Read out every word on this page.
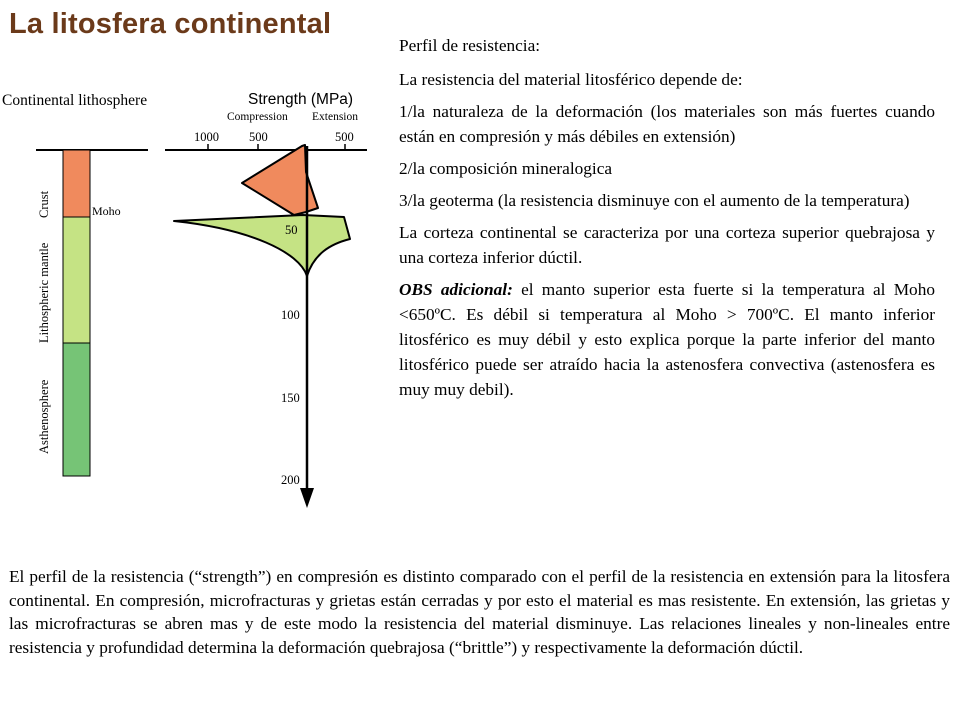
La litosfera continental
Continental lithosphere	Strength (MPa)
Compression Extension
1000 500	500
Crust
Lithospheric mantle
Asthenosphere
Moho
50
100
150
200

Perfil de resistencia:

La resistencia del material litosférico depende de:

1/la naturaleza de la deformación (los materiales son más fuertes cuando están en compresión y más débiles en extensión)

2/la composición mineralogica

3/la geoterma (la resistencia disminuye con el aumento de la temperatura)

La corteza continental se caracteriza por una corteza superior quebrajosa y una corteza inferior dúctil.

OBS adicional: el manto superior esta fuerte si la temperatura al Moho <650ºC. Es débil si temperatura al Moho > 700ºC. El manto inferior litosférico es muy débil y esto explica porque la parte inferior del manto litosférico puede ser atraído hacia la astenosfera convectiva (astenosfera es muy muy debil).

El perfil de la resistencia (“strength”) en compresión es distinto comparado con el perfil de la resistencia en extensión para la litosfera continental. En compresión, microfracturas y grietas están cerradas y por esto el material es mas resistente. En extensión, las grietas y las microfracturas se abren mas y de este modo la resistencia del material disminuye. Las relaciones lineales y non-lineales entre resistencia y profundidad determina la deformación quebrajosa (“brittle”) y respectivamente la deformación dúctil.
